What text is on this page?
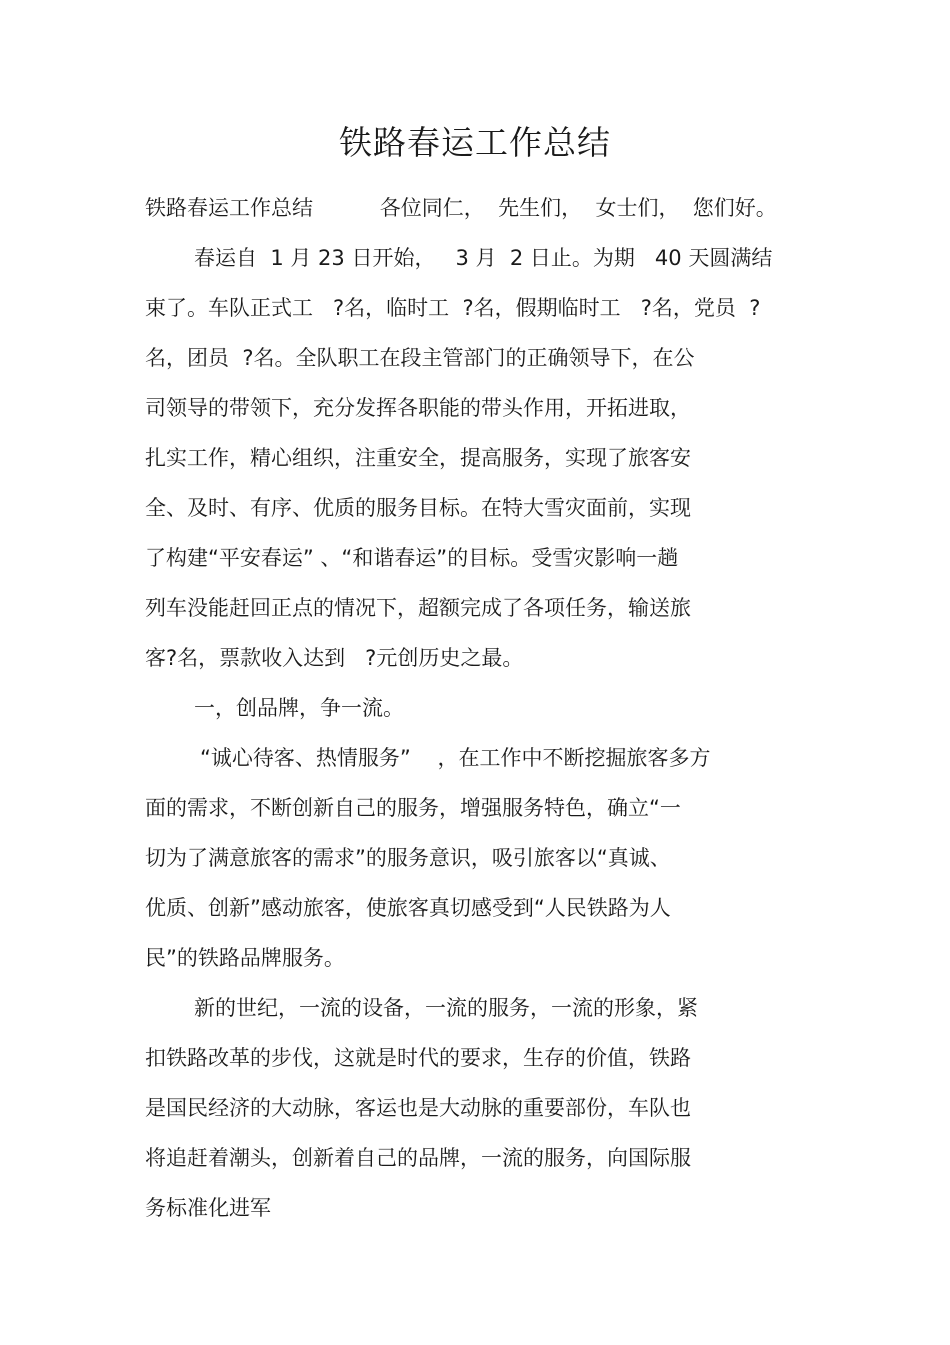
铁路春运工作总结

铁路春运工作总结          各位同仁，  先生们，  女士们，  您们好。

春运自  1 月 23 日开始，   3 月  2 日止。为期   40 天圆满结

束了。车队正式工   ?名，临时工  ?名，假期临时工   ?名，党员  ?

名，团员  ?名。全队职工在段主管部门的正确领导下，在公

司领导的带领下，充分发挥各职能的带头作用，开拓进取，

扎实工作，精心组织，注重安全，提高服务，实现了旅客安

全、及时、有序、优质的服务目标。在特大雪灾面前，实现

了构建“平安春运” 、“和谐春运”的目标。受雪灾影响一趟

列车没能赶回正点的情况下，超额完成了各项任务，输送旅

客?名，票款收入达到   ?元创历史之最。

一，创品牌，争一流。

“诚心待客、热情服务”    ，在工作中不断挖掘旅客多方

面的需求，不断创新自己的服务，增强服务特色，确立“一

切为了满意旅客的需求”的服务意识，吸引旅客以“真诚、

优质、创新”感动旅客，使旅客真切感受到“人民铁路为人

民”的铁路品牌服务。

新的世纪，一流的设备，一流的服务，一流的形象，紧

扣铁路改革的步伐，这就是时代的要求，生存的价值，铁路

是国民经济的大动脉，客运也是大动脉的重要部份，车队也

将追赶着潮头，创新着自己的品牌，一流的服务，向国际服

务标准化进军
